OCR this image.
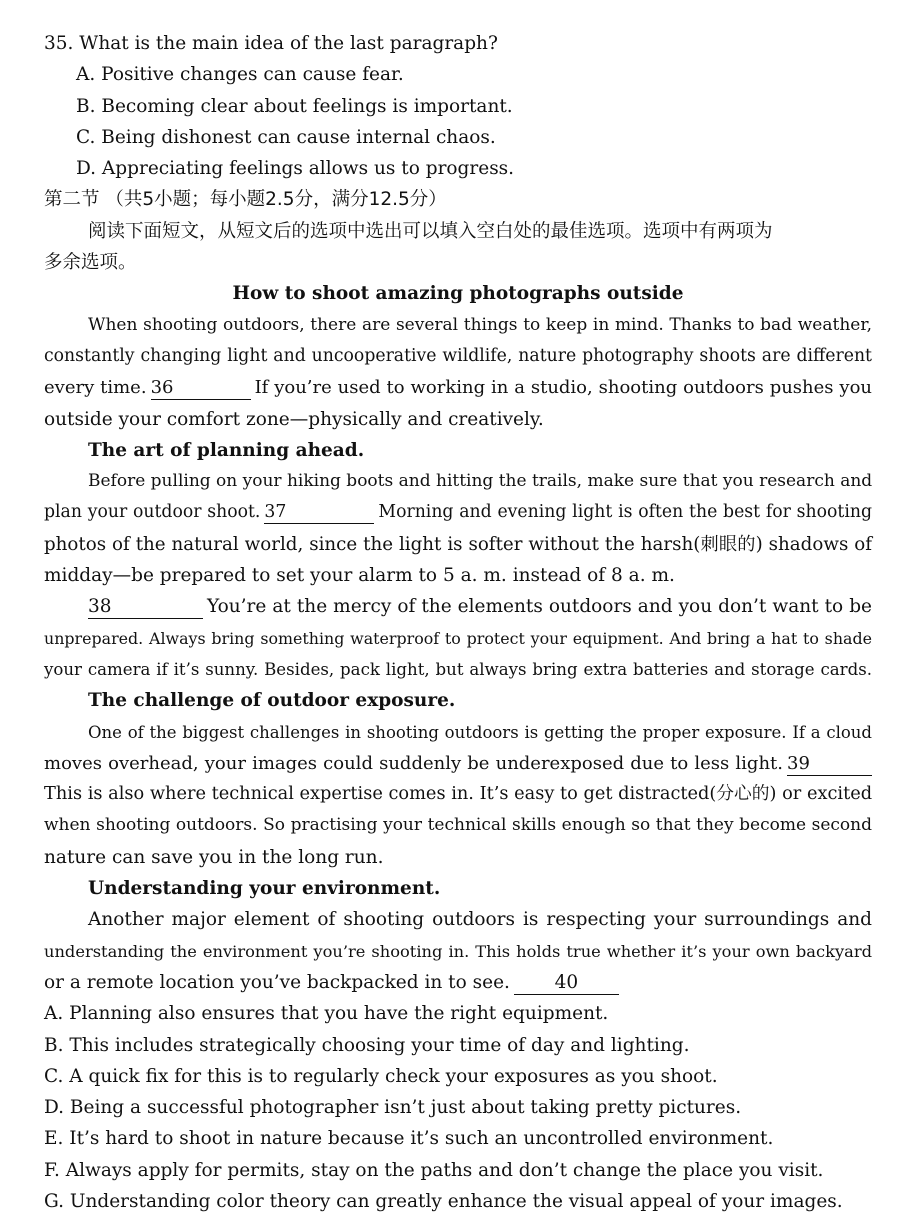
35. What is the main idea of the last paragraph?
A. Positive changes can cause fear.
B. Becoming clear about feelings is important.
C. Being dishonest can cause internal chaos.
D. Appreciating feelings allows us to progress.
第二节 （共5小题；每小题2.5分，满分12.5分）
阅读下面短文，从短文后的选项中选出可以填入空白处的最佳选项。选项中有两项为
多余选项。
How to shoot amazing photographs outside
When shooting outdoors, there are several things to keep in mind. Thanks to bad weather,
constantly changing light and uncooperative wildlife, nature photography shoots are different
every time. 36	If you’re used to working in a studio, shooting outdoors pushes you
outside your comfort zone—physically and creatively.
The art of planning ahead.
Before pulling on your hiking boots and hitting the trails, make sure that you research and
plan your outdoor shoot. 37	Morning and evening light is often the best for shooting
photos of the natural world, since the light is softer without the harsh(刺眼的) shadows of
midday—be prepared to set your alarm to 5 a. m. instead of 8 a. m.
38	You’re at the mercy of the elements outdoors and you don’t want to be
unprepared. Always bring something waterproof to protect your equipment. And bring a hat to shade
your camera if it’s sunny. Besides, pack light, but always bring extra batteries and storage cards.
The challenge of outdoor exposure.
One of the biggest challenges in shooting outdoors is getting the proper exposure. If a cloud
moves overhead, your images could suddenly be underexposed due to less light. 39
This is also where technical expertise comes in. It’s easy to get distracted(分心的) or excited
when shooting outdoors. So practising your technical skills enough so that they become second
nature can save you in the long run.
Understanding your environment.
Another major element of shooting outdoors is respecting your surroundings and
understanding the environment you’re shooting in. This holds true whether it’s your own backyard
or a remote location you’ve backpacked in to see. 40
A. Planning also ensures that you have the right equipment.
B. This includes strategically choosing your time of day and lighting.
C. A quick fix for this is to regularly check your exposures as you shoot.
D. Being a successful photographer isn’t just about taking pretty pictures.
E. It’s hard to shoot in nature because it’s such an uncontrolled environment.
F. Always apply for permits, stay on the paths and don’t change the place you visit.
G. Understanding color theory can greatly enhance the visual appeal of your images.
